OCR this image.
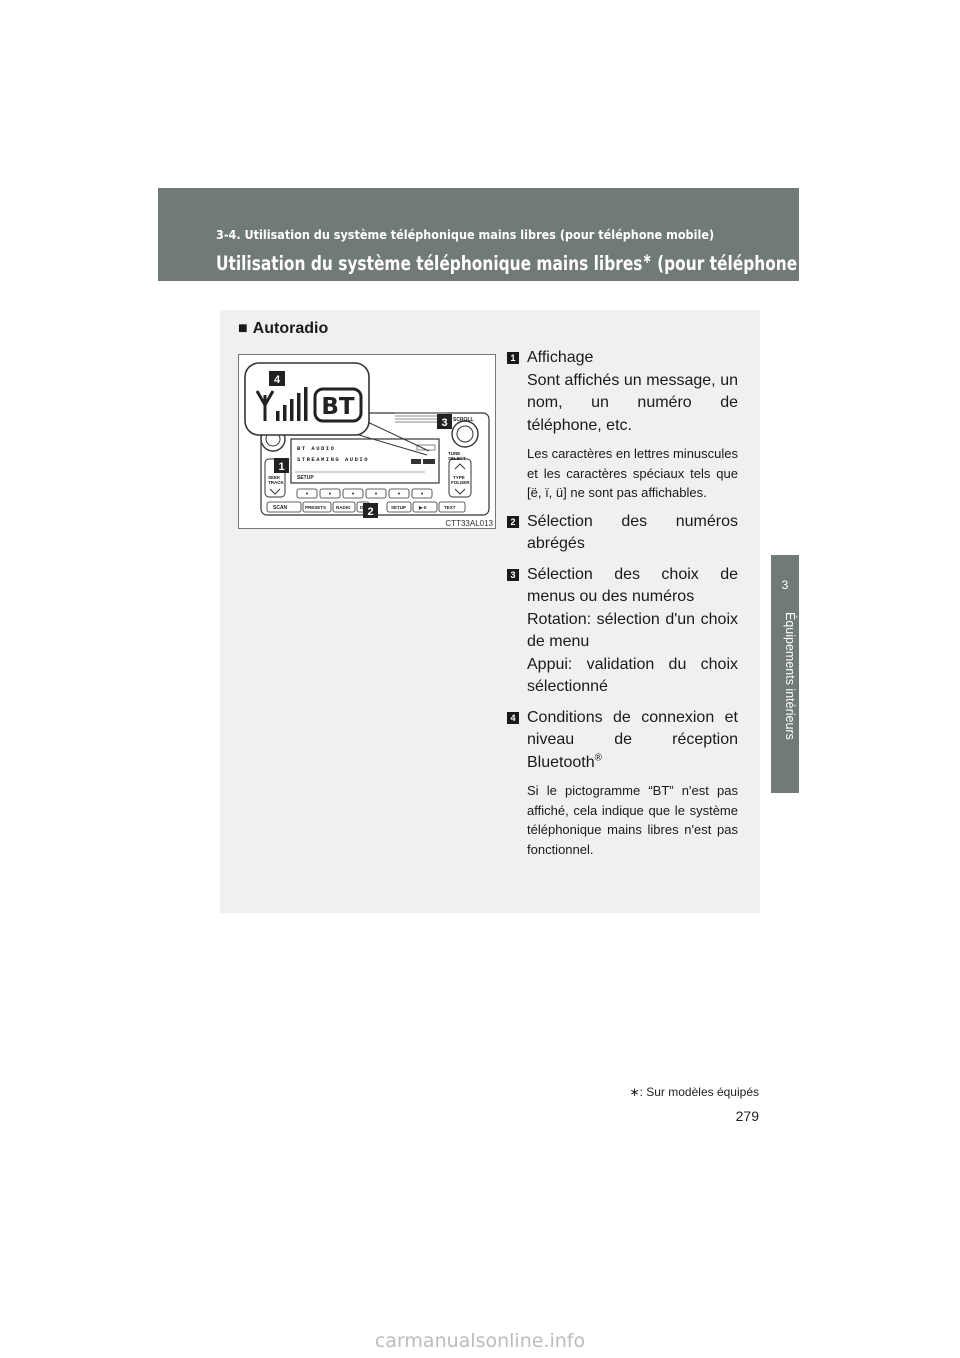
3-4. Utilisation du système téléphonique mains libres (pour téléphone mobile)
Utilisation du système téléphonique mains libres∗ (pour téléphone mobile)
3
Équipements intérieurs
■ Autoradio
SCROLL
SEEK
TRACK
BT AUDIO
STREAMING AUDIO
SETUP
TUNE
SELECT
TYPE
FOLDER
SCAN	PRESETS RADIO D	SETUP	▶·II	TEXT
BT
4
3
1
2
CTT33AL013
1 Affichage
Sont affichés un message, un nom, un numéro de téléphone, etc.
Les caractères en lettres minuscules et les caractères spéciaux tels que [ë, ï, ü] ne sont pas affichables.
2 Sélection des numéros abrégés
3 Sélection des choix de menus ou des numéros
Rotation: sélection d'un choix de menu
Appui: validation du choix sélectionné
4 Conditions de connexion et niveau de réception Bluetooth®
Si le pictogramme “BT” n'est pas affiché, cela indique que le système téléphonique mains libres n'est pas fonctionnel.
∗: Sur modèles équipés
279
carmanualsonline.info
